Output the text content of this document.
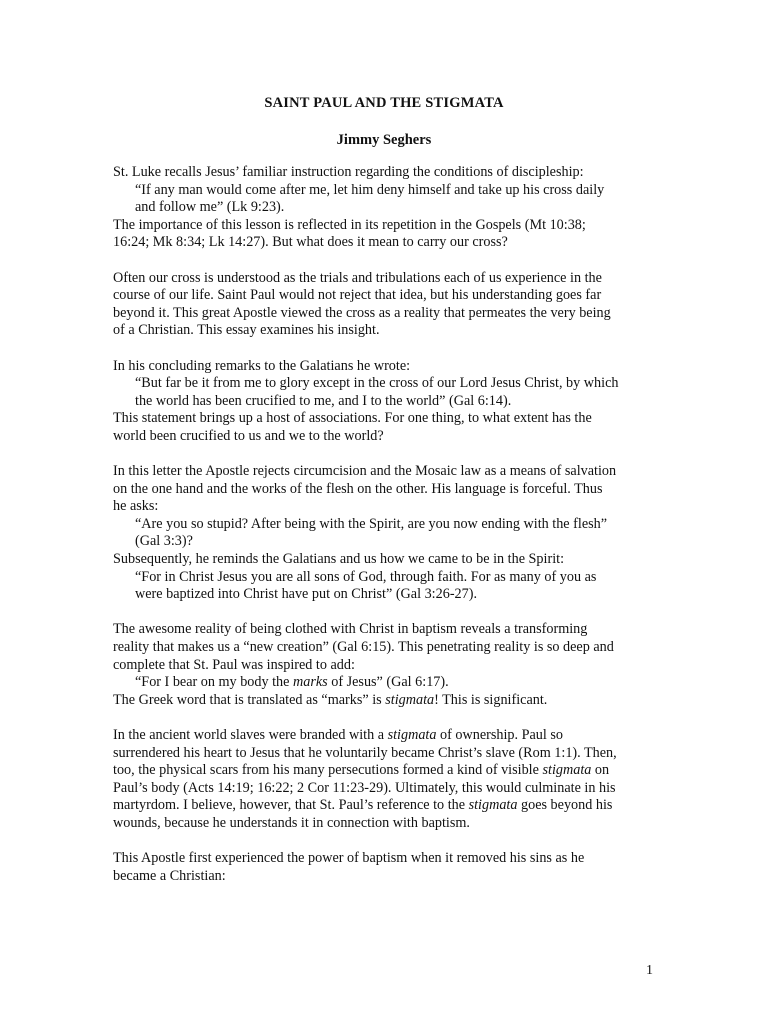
SAINT PAUL AND THE STIGMATA
Jimmy Seghers
St. Luke recalls Jesus’ familiar instruction regarding the conditions of discipleship:
“If any man would come after me, let him deny himself and take up his cross daily
and follow me” (Lk 9:23).
The importance of this lesson is reflected in its repetition in the Gospels (Mt 10:38;
16:24; Mk 8:34; Lk 14:27). But what does it mean to carry our cross?
Often our cross is understood as the trials and tribulations each of us experience in the
course of our life. Saint Paul would not reject that idea, but his understanding goes far
beyond it. This great Apostle viewed the cross as a reality that permeates the very being
of a Christian. This essay examines his insight.
In his concluding remarks to the Galatians he wrote:
“But far be it from me to glory except in the cross of our Lord Jesus Christ, by which
the world has been crucified to me, and I to the world” (Gal 6:14).
This statement brings up a host of associations. For one thing, to what extent has the
world been crucified to us and we to the world?
In this letter the Apostle rejects circumcision and the Mosaic law as a means of salvation
on the one hand and the works of the flesh on the other. His language is forceful. Thus
he asks:
“Are you so stupid? After being with the Spirit, are you now ending with the flesh”
(Gal 3:3)?
Subsequently, he reminds the Galatians and us how we came to be in the Spirit:
“For in Christ Jesus you are all sons of God, through faith. For as many of you as
were baptized into Christ have put on Christ” (Gal 3:26-27).
The awesome reality of being clothed with Christ in baptism reveals a transforming
reality that makes us a “new creation” (Gal 6:15). This penetrating reality is so deep and
complete that St. Paul was inspired to add:
“For I bear on my body the marks of Jesus” (Gal 6:17).
The Greek word that is translated as “marks” is stigmata! This is significant.
In the ancient world slaves were branded with a stigmata of ownership. Paul so
surrendered his heart to Jesus that he voluntarily became Christ’s slave (Rom 1:1). Then,
too, the physical scars from his many persecutions formed a kind of visible stigmata on
Paul’s body (Acts 14:19; 16:22; 2 Cor 11:23-29). Ultimately, this would culminate in his
martyrdom. I believe, however, that St. Paul’s reference to the stigmata goes beyond his
wounds, because he understands it in connection with baptism.
This Apostle first experienced the power of baptism when it removed his sins as he
became a Christian:
1
